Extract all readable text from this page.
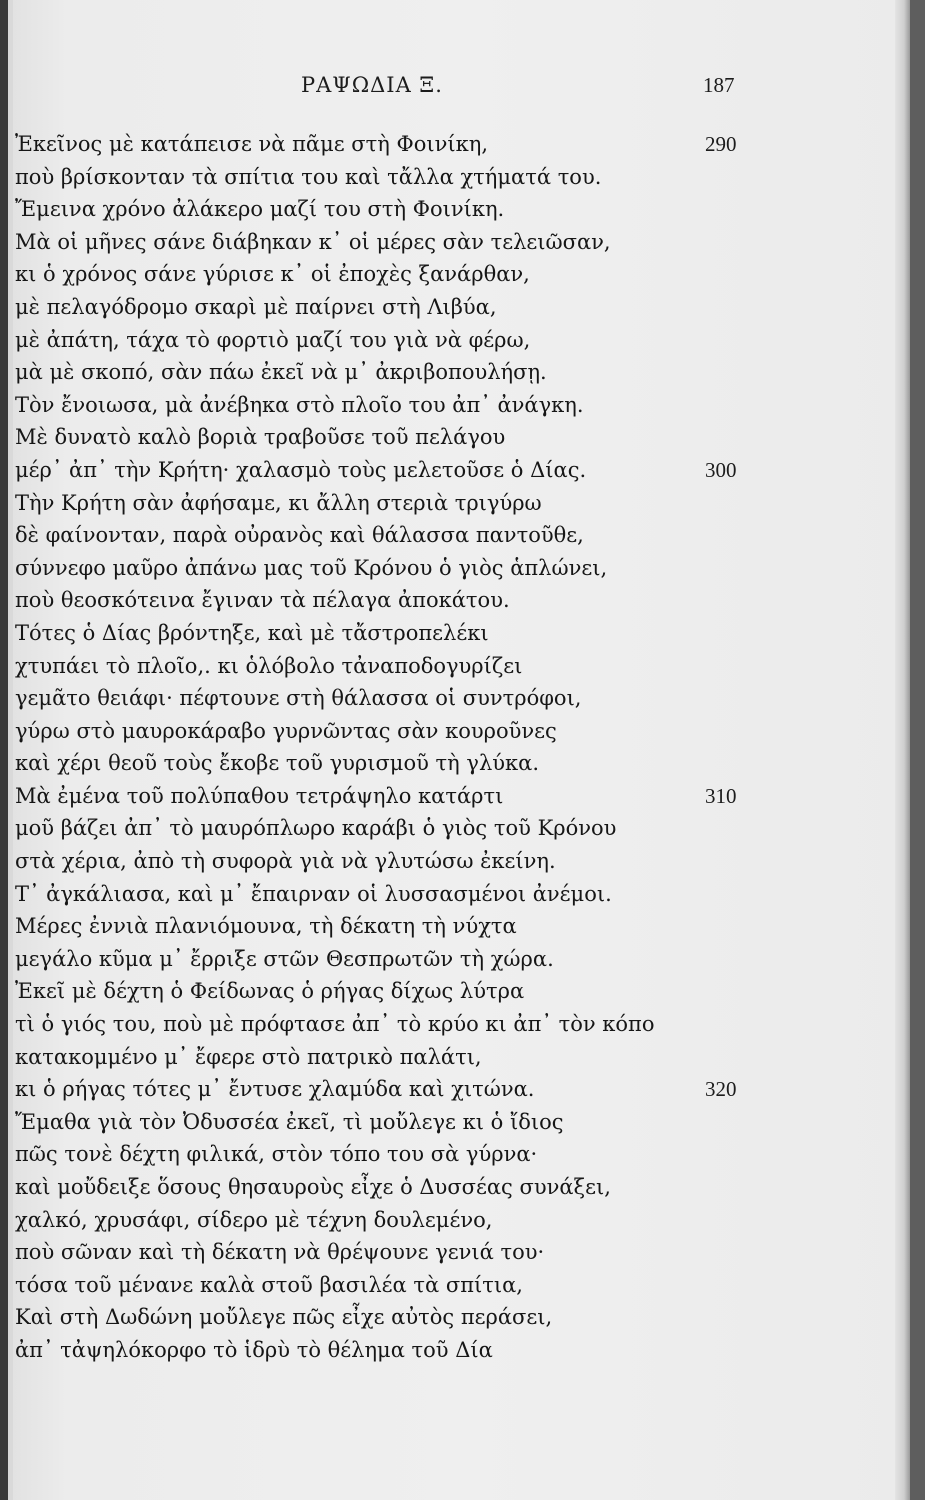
ΡΑΨΩΔΙΑ Ξ.	187
Ἐκεῖνος μὲ κατάπεισε νὰ πᾶμε στὴ Φοινίκη,	290
ποὺ βρίσκονταν τὰ σπίτια του καὶ τἄλλα χτήματά του.
Ἔμεινα χρόνο ἀλάκερο μαζί του στὴ Φοινίκη.
Μὰ οἱ μῆνες σάνε διάβηκαν κ᾿ οἱ μέρες σὰν τελειῶσαν,
κι ὁ χρόνος σάνε γύρισε κ᾿ οἱ ἐποχὲς ξανάρθαν,
μὲ πελαγόδρομο σκαρὶ μὲ παίρνει στὴ Λιβύα,
μὲ ἀπάτη, τάχα τὸ φορτιὸ μαζί του γιὰ νὰ φέρω,
μὰ μὲ σκοπό, σὰν πάω ἐκεῖ νὰ μ᾿ ἀκριβοπουλήσῃ.
Τὸν ἔνοιωσα, μὰ ἀνέβηκα στὸ πλοῖο του ἀπ᾿ ἀνάγκη.
Μὲ δυνατὸ καλὸ βοριὰ τραβοῦσε τοῦ πελάγου
μέρ᾿ ἀπ᾿ τὴν Κρήτη· χαλασμὸ τοὺς μελετοῦσε ὁ Δίας.	300
Τὴν Κρήτη σὰν ἀφήσαμε, κι ἄλλη στεριὰ τριγύρω
δὲ φαίνονταν, παρὰ οὐρανὸς καὶ θάλασσα παντοῦθε,
σύννεφο μαῦρο ἀπάνω μας τοῦ Κρόνου ὁ γιὸς ἁπλώνει,
ποὺ θεοσκότεινα ἔγιναν τὰ πέλαγα ἀποκάτου.
Τότες ὁ Δίας βρόντηξε, καὶ μὲ τἄστροπελέκι
χτυπάει τὸ πλοῖο,. κι ὁλόβολο τἀναποδογυρίζει
γεμᾶτο θειάφι· πέφτουνε στὴ θάλασσα οἱ συντρόφοι,
γύρω στὸ μαυροκάραβο γυρνῶντας σὰν κουροῦνες
καὶ χέρι θεοῦ τοὺς ἔκοβε τοῦ γυρισμοῦ τὴ γλύκα.
Μὰ ἐμένα τοῦ πολύπαθου τετράψηλο κατάρτι	310
μοῦ βάζει ἀπ᾿ τὸ μαυρόπλωρο καράβι ὁ γιὸς τοῦ Κρόνου
στὰ χέρια, ἀπὸ τὴ συφορὰ γιὰ νὰ γλυτώσω ἐκείνη.
Τ᾿ ἀγκάλιασα, καὶ μ᾿ ἔπαιρναν οἱ λυσσασμένοι ἀνέμοι.
Μέρες ἐννιὰ πλανιόμουνα, τὴ δέκατη τὴ νύχτα
μεγάλο κῦμα μ᾿ ἔρριξε στῶν Θεσπρωτῶν τὴ χώρα.
Ἐκεῖ μὲ δέχτη ὁ Φείδωνας ὁ ρήγας δίχως λύτρα
τὶ ὁ γιός του, ποὺ μὲ πρόφτασε ἀπ᾿ τὸ κρύο κι ἀπ᾿ τὸν κόπο
κατακομμένο μ᾿ ἔφερε στὸ πατρικὸ παλάτι,
κι ὁ ρήγας τότες μ᾿ ἔντυσε χλαμύδα καὶ χιτώνα.	320
Ἔμαθα γιὰ τὸν Ὀδυσσέα ἐκεῖ, τὶ μοὔλεγε κι ὁ ἴδιος
πῶς τονὲ δέχτη φιλικά, στὸν τόπο του σὰ γύρνα·
καὶ μοὔδειξε ὅσους θησαυροὺς εἶχε ὁ Δυσσέας συνάξει,
χαλκό, χρυσάφι, σίδερο μὲ τέχνη δουλεμένο,
ποὺ σῶναν καὶ τὴ δέκατη νὰ θρέψουνε γενιά του·
τόσα τοῦ μένανε καλὰ στοῦ βασιλέα τὰ σπίτια,
Καὶ στὴ Δωδώνη μοὔλεγε πῶς εἶχε αὐτὸς περάσει,
ἀπ᾿ τἀψηλόκορφο τὸ ἱδρὺ τὸ θέλημα τοῦ Δία
